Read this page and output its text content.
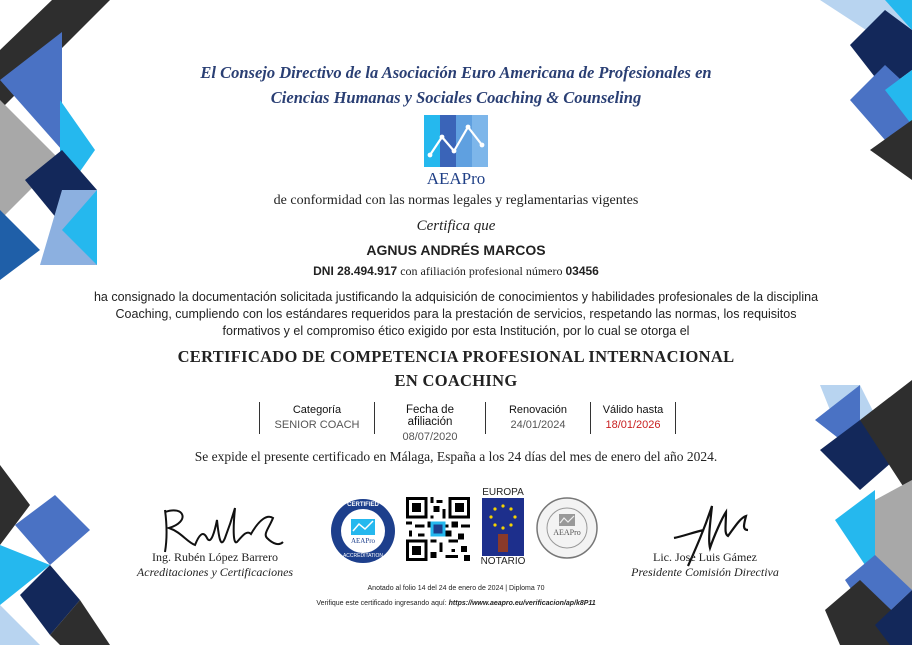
El Consejo Directivo de la Asociación Euro Americana de Profesionales en
Ciencias Humanas y Sociales Coaching & Counseling
AEAPro
de conformidad con las normas legales y reglamentarias vigentes
Certifica que
AGNUS ANDRÉS MARCOS
DNI 28.494.917 con afiliación profesional número 03456
ha consignado la documentación solicitada justificando la adquisición de conocimientos y habilidades profesionales de la disciplina Coaching, cumpliendo con los estándares requeridos para la prestación de servicios, respetando las normas, los requisitos formativos y el compromiso ético exigido por esta Institución, por lo cual se otorga el
CERTIFICADO DE COMPETENCIA PROFESIONAL INTERNACIONAL
EN COACHING
Categoría
SENIOR COACH
Fecha de afiliación
08/07/2020
Renovación
24/01/2024
Válido hasta
18/01/2026
Se expide el presente certificado en Málaga, España a los 24 días del mes de enero del año 2024.
Ing. Rubén López Barrero
Acreditaciones y Certificaciones
Lic. José Luis Gámez
Presidente Comisión Directiva
CERTIFIED
AEAPro
ACCREDITATION
EUROPA
NOTARIO
AEAPro
Anotado al folio 14 del 24 de enero de 2024 | Diploma 70
Verifique este certificado ingresando aquí: https://www.aeapro.eu/verificacion/ap/k8P11
